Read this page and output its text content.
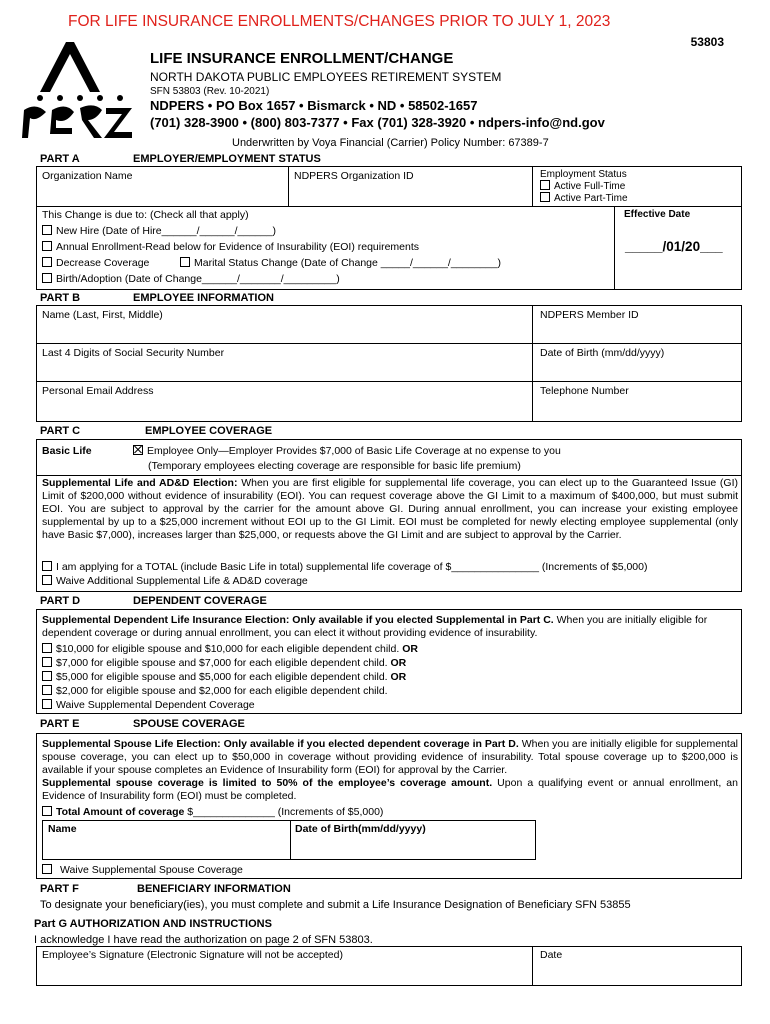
FOR LIFE INSURANCE ENROLLMENTS/CHANGES PRIOR TO JULY 1, 2023
53803
PERS
LIFE INSURANCE ENROLLMENT/CHANGE
NORTH DAKOTA PUBLIC EMPLOYEES RETIREMENT SYSTEM
SFN 53803 (Rev. 10-2021)
NDPERS • PO Box 1657 • Bismarck • ND • 58502-1657
(701) 328-3900 • (800) 803-7377 • Fax (701) 328-3920 • ndpers-info@nd.gov
Underwritten by Voya Financial (Carrier) Policy Number: 67389-7
PART A	EMPLOYER/EMPLOYMENT STATUS
Organization Name	NDPERS Organization ID	Employment Status
Active Full-Time
Active Part-Time
This Change is due to: (Check all that apply)
New Hire (Date of Hire______/______/______)
Annual Enrollment-Read below for Evidence of Insurability (EOI) requirements
Decrease Coverage	Marital Status Change (Date of Change _____/______/________)
Birth/Adoption (Date of Change______/_______/_________)
Effective Date
_____/01/20___
PART B	EMPLOYEE INFORMATION
Name (Last, First, Middle)	NDPERS Member ID
Last 4 Digits of Social Security Number	Date of Birth (mm/dd/yyyy)
Personal Email Address	Telephone Number
PART C	EMPLOYEE COVERAGE
Basic Life	Employee Only—Employer Provides $7,000 of Basic Life Coverage at no expense to you
(Temporary employees electing coverage are responsible for basic life premium)
Supplemental Life and AD&D Election: When you are first eligible for supplemental life coverage, you can elect up to the Guaranteed Issue (GI) Limit of $200,000 without evidence of insurability (EOI). You can request coverage above the GI Limit to a maximum of $400,000, but must submit EOI. You are subject to approval by the carrier for the amount above GI. During annual enrollment, you can increase your existing employee supplemental by up to a $25,000 increment without EOI up to the GI Limit. EOI must be completed for newly electing employee supplemental (only have Basic $7,000), increases larger than $25,000, or requests above the GI Limit and are subject to approval by the Carrier.
I am applying for a TOTAL (include Basic Life in total) supplemental life coverage of $_______________ (Increments of $5,000)
Waive Additional Supplemental Life & AD&D coverage
PART D	DEPENDENT COVERAGE
Supplemental Dependent Life Insurance Election: Only available if you elected Supplemental in Part C. When you are initially eligible for dependent coverage or during annual enrollment, you can elect it without providing evidence of insurability.
$10,000 for eligible spouse and $10,000 for each eligible dependent child. OR
$7,000 for eligible spouse and $7,000 for each eligible dependent child. OR
$5,000 for eligible spouse and $5,000 for each eligible dependent child. OR
$2,000 for eligible spouse and $2,000 for each eligible dependent child.
Waive Supplemental Dependent Coverage
PART E	SPOUSE COVERAGE
Supplemental Spouse Life Election: Only available if you elected dependent coverage in Part D. When you are initially eligible for supplemental spouse coverage, you can elect up to $50,000 in coverage without providing evidence of insurability. Total spouse coverage up to $200,000 is available if your spouse completes an Evidence of Insurability form (EOI) for approval by the Carrier.
Supplemental spouse coverage is limited to 50% of the employee’s coverage amount. Upon a qualifying event or annual enrollment, an Evidence of Insurability form (EOI) must be completed.
Total Amount of coverage $______________ (Increments of $5,000)
Name	Date of Birth(mm/dd/yyyy)
Waive Supplemental Spouse Coverage
PART F	BENEFICIARY INFORMATION
To designate your beneficiary(ies), you must complete and submit a Life Insurance Designation of Beneficiary SFN 53855
Part G AUTHORIZATION AND INSTRUCTIONS
I acknowledge I have read the authorization on page 2 of SFN 53803.
Employee’s Signature (Electronic Signature will not be accepted)	Date
